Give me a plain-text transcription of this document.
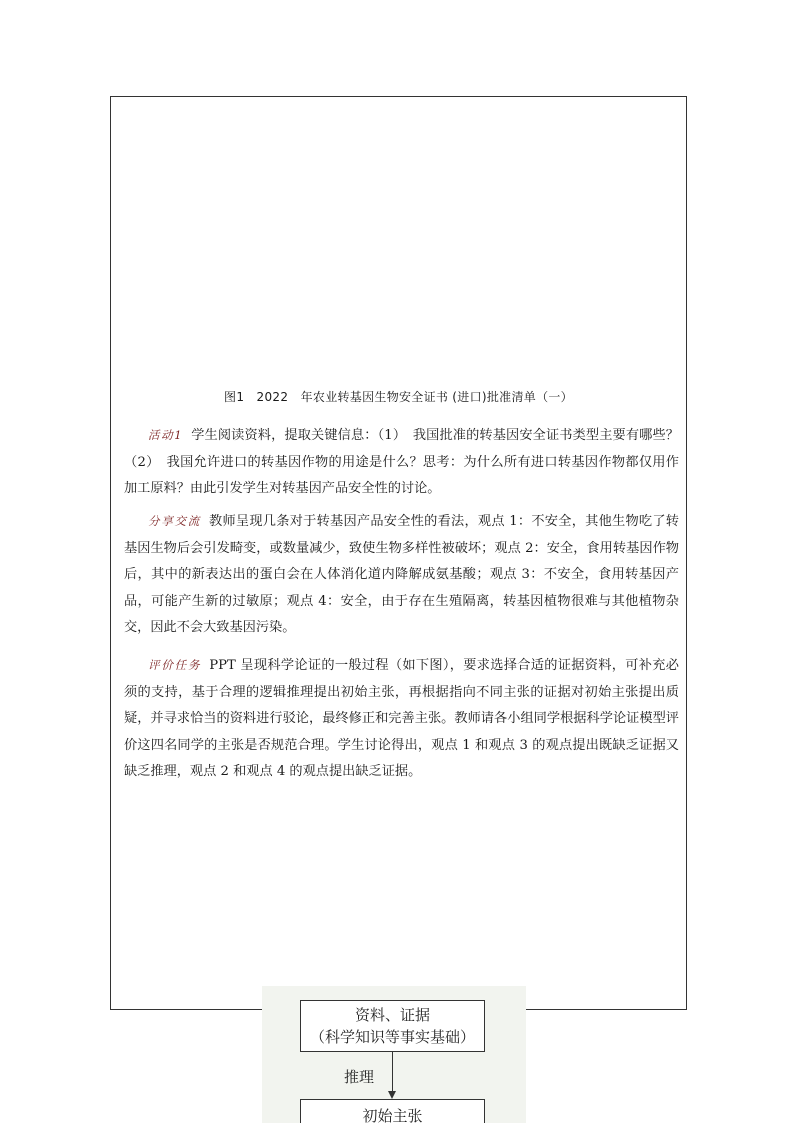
图1　2022　年农业转基因生物安全证书 (进口)批准清单（一）
活动1 学生阅读资料，提取关键信息：（1）　我国批准的转基因安全证书类型主要有哪些？（2）　我国允许进口的转基因作物的用途是什么？思考：为什么所有进口转基因作物都仅用作加工原料？由此引发学生对转基因产品安全性的讨论。
分享交流 教师呈现几条对于转基因产品安全性的看法，观点 1：不安全，其他生物吃了转基因生物后会引发畸变，或数量减少，致使生物多样性被破坏；观点 2：安全，食用转基因作物后，其中的新表达出的蛋白会在人体消化道内降解成氨基酸；观点 3：不安全，食用转基因产品，可能产生新的过敏原；观点 4：安全，由于存在生殖隔离，转基因植物很难与其他植物杂交，因此不会大致基因污染。
评价任务 PPT 呈现科学论证的一般过程（如下图），要求选择合适的证据资料，可补充必须的支持，基于合理的逻辑推理提出初始主张，再根据指向不同主张的证据对初始主张提出质疑，并寻求恰当的资料进行驳论，最终修正和完善主张。教师请各小组同学根据科学论证模型评价这四名同学的主张是否规范合理。学生讨论得出，观点 1 和观点 3 的观点提出既缺乏证据又缺乏推理，观点 2 和观点 4 的观点提出缺乏证据。
资料、证据
（科学知识等事实基础）
推理
初始主张
